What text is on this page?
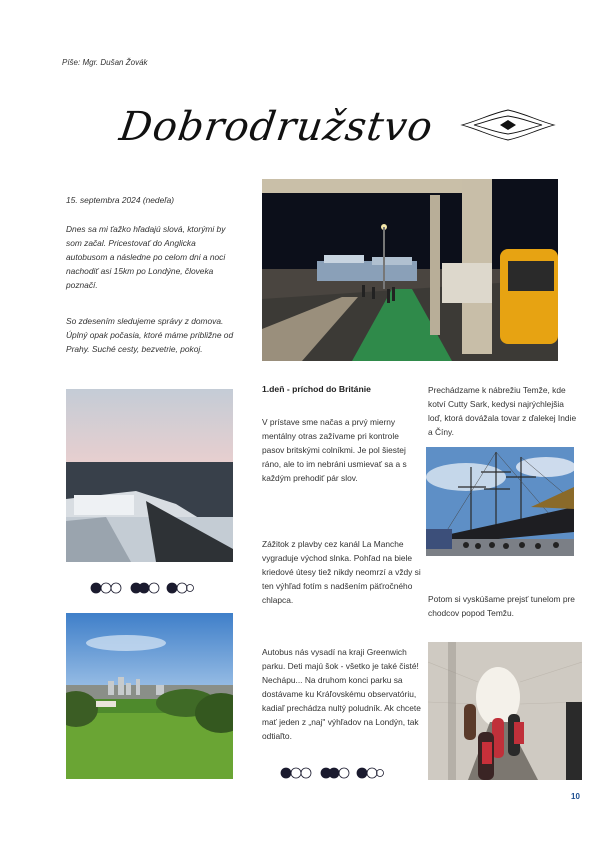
Píše: Mgr. Dušan Žovák
Dobrodružstvo
15. septembra 2024 (nedeľa)
Dnes sa mi ťažko hľadajú slová, ktorými by som začal. Pricestovať do Anglicka autobusom a následne po celom dni a noci nachodiť asi 15km po Londýne, človeka poznačí.
So zdesením sledujeme správy z domova. Úplný opak počasia, ktoré máme približne od Prahy. Suché cesty, bezvetrie, pokoj.
1.deň - príchod do Británie
V prístave sme načas a prvý mierny mentálny otras zažívame pri kontrole pasov britskými colníkmi. Je pol šiestej ráno, ale to im nebráni usmievať sa a s každým prehodiť pár slov.
Zážitok z plavby cez kanál La Manche vygraduje východ slnka. Pohľad na biele kriedové útesy tiež nikdy neomrzí a vždy si ten výhľad fotím s nadšením päťročného chlapca.
Autobus nás vysadí na kraji Greenwich parku. Deti majú šok - všetko je také čisté! Nechápu... Na druhom konci parku sa dostávame ku Kráľovskému observatóriu, kadiaľ prechádza nultý poludník. Ak chcete mať jeden z „naj" výhľadov na Londýn, tak odtiaľto.
Prechádzame k nábrežiu Temže, kde kotví Cutty Sark, kedysi najrýchlejšia loď, ktorá dovážala tovar z ďalekej Indie a Číny.
Potom si vyskúšame prejsť tunelom pre chodcov popod Temžu.
10
